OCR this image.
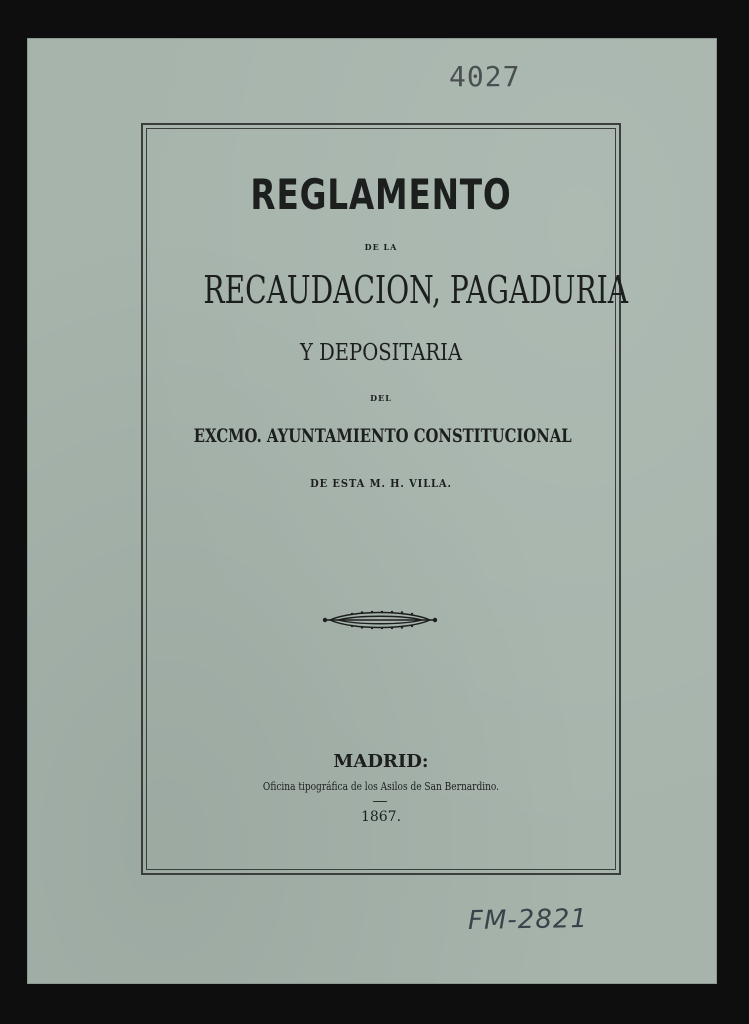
4027
REGLAMENTO
DE LA
RECAUDACION, PAGADURIA
Y DEPOSITARIA
DEL
EXCMO. AYUNTAMIENTO CONSTITUCIONAL
DE ESTA M. H. VILLA.
MADRID:
Oficina tipográfica de los Asilos de San Bernardino.
1867.
FM-2821
